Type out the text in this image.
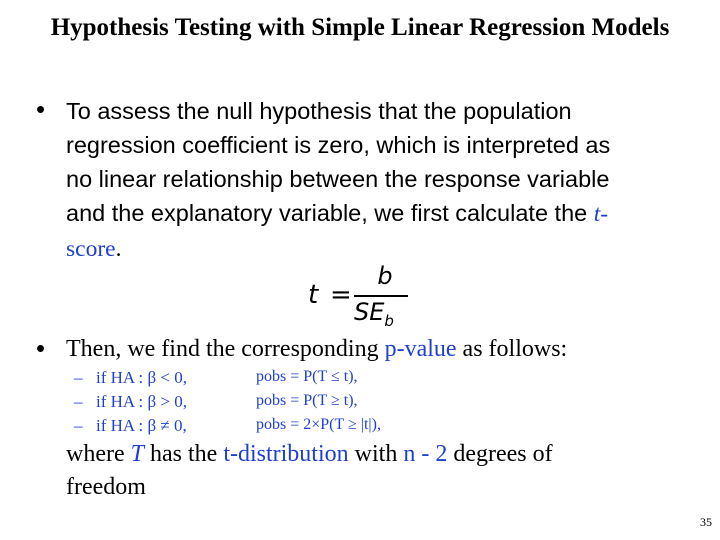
Hypothesis Testing with Simple Linear Regression Models
• To assess the null hypothesis that the population
regression coefficient is zero, which is interpreted as
no linear relationship between the response variable
and the explanatory variable, we first calculate the t-
score.
t =
b
$SE_b$
• Then, we find the corresponding p-value as follows:
– if HA : β < 0,	pobs = P(T ≤ t),
– if HA : β > 0,	pobs = P(T ≥ t),
– if HA : β ≠ 0,	pobs = 2×P(T ≥ |t|),
where T has the t-distribution with n - 2 degrees of
freedom
35
